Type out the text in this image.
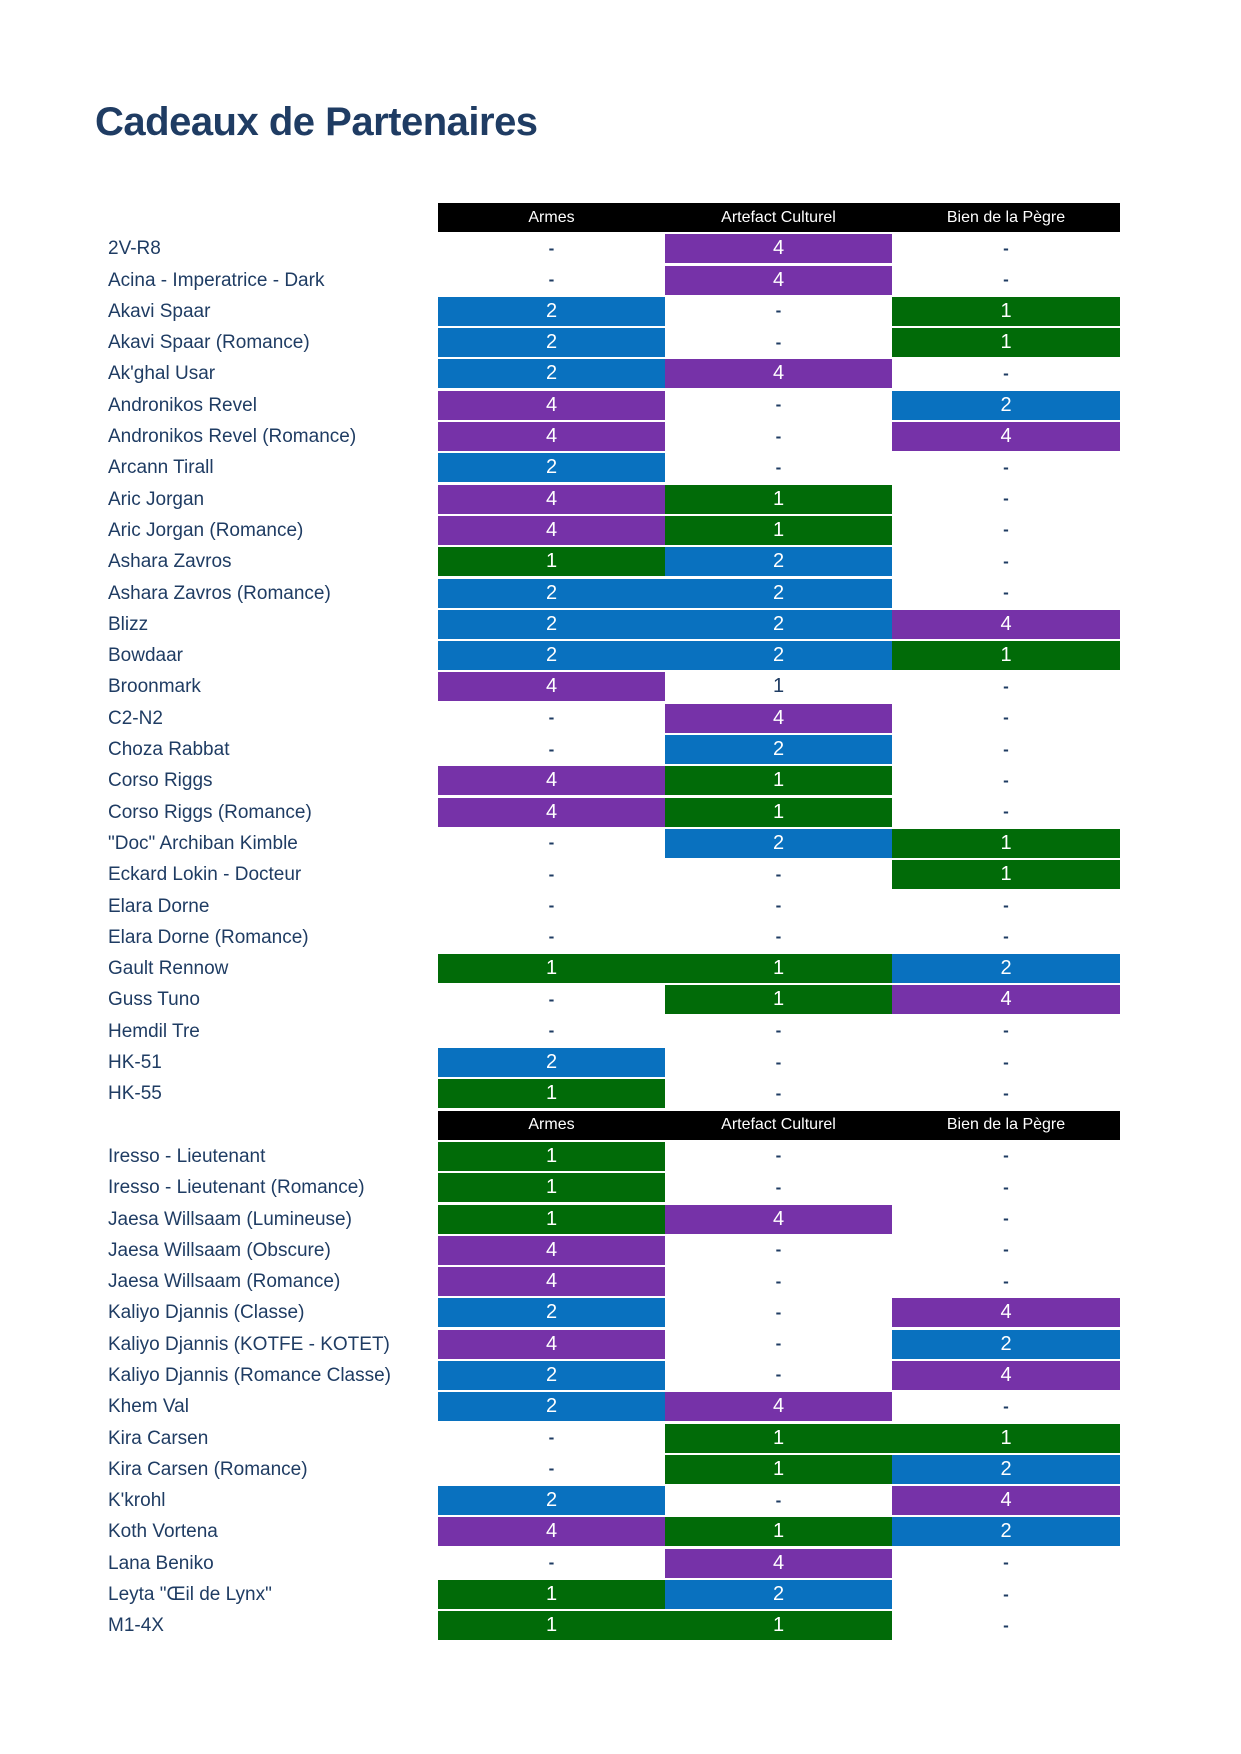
Cadeaux de Partenaires
Armes	Artefact Culturel	Bien de la Pègre
2V-R8	-	4	-
Acina - Imperatrice - Dark	-	4	-
Akavi Spaar	2	-	1
Akavi Spaar (Romance)	2	-	1
Ak'ghal Usar	2	4	-
Andronikos Revel	4	-	2
Andronikos Revel (Romance)	4	-	4
Arcann Tirall	2	-	-
Aric Jorgan	4	1	-
Aric Jorgan (Romance)	4	1	-
Ashara Zavros	1	2	-
Ashara Zavros (Romance)	2	2	-
Blizz	2	2	4
Bowdaar	2	2	1
Broonmark	4	1	-
C2-N2	-	4	-
Choza Rabbat	-	2	-
Corso Riggs	4	1	-
Corso Riggs (Romance)	4	1	-
"Doc" Archiban Kimble	-	2	1
Eckard Lokin - Docteur	-	-	1
Elara Dorne	-	-	-
Elara Dorne (Romance)	-	-	-
Gault Rennow	1	1	2
Guss Tuno	-	1	4
Hemdil Tre	-	-	-
HK-51	2	-	-
HK-55	1	-	-
Armes	Artefact Culturel	Bien de la Pègre
Iresso - Lieutenant	1	-	-
Iresso - Lieutenant (Romance)	1	-	-
Jaesa Willsaam (Lumineuse)	1	4	-
Jaesa Willsaam (Obscure)	4	-	-
Jaesa Willsaam (Romance)	4	-	-
Kaliyo Djannis (Classe)	2	-	4
Kaliyo Djannis (KOTFE - KOTET)	4	-	2
Kaliyo Djannis (Romance Classe)	2	-	4
Khem Val	2	4	-
Kira Carsen	-	1	1
Kira Carsen (Romance)	-	1	2
K'krohl	2	-	4
Koth Vortena	4	1	2
Lana Beniko	-	4	-
Leyta "Œil de Lynx"	1	2	-
M1-4X	1	1	-
